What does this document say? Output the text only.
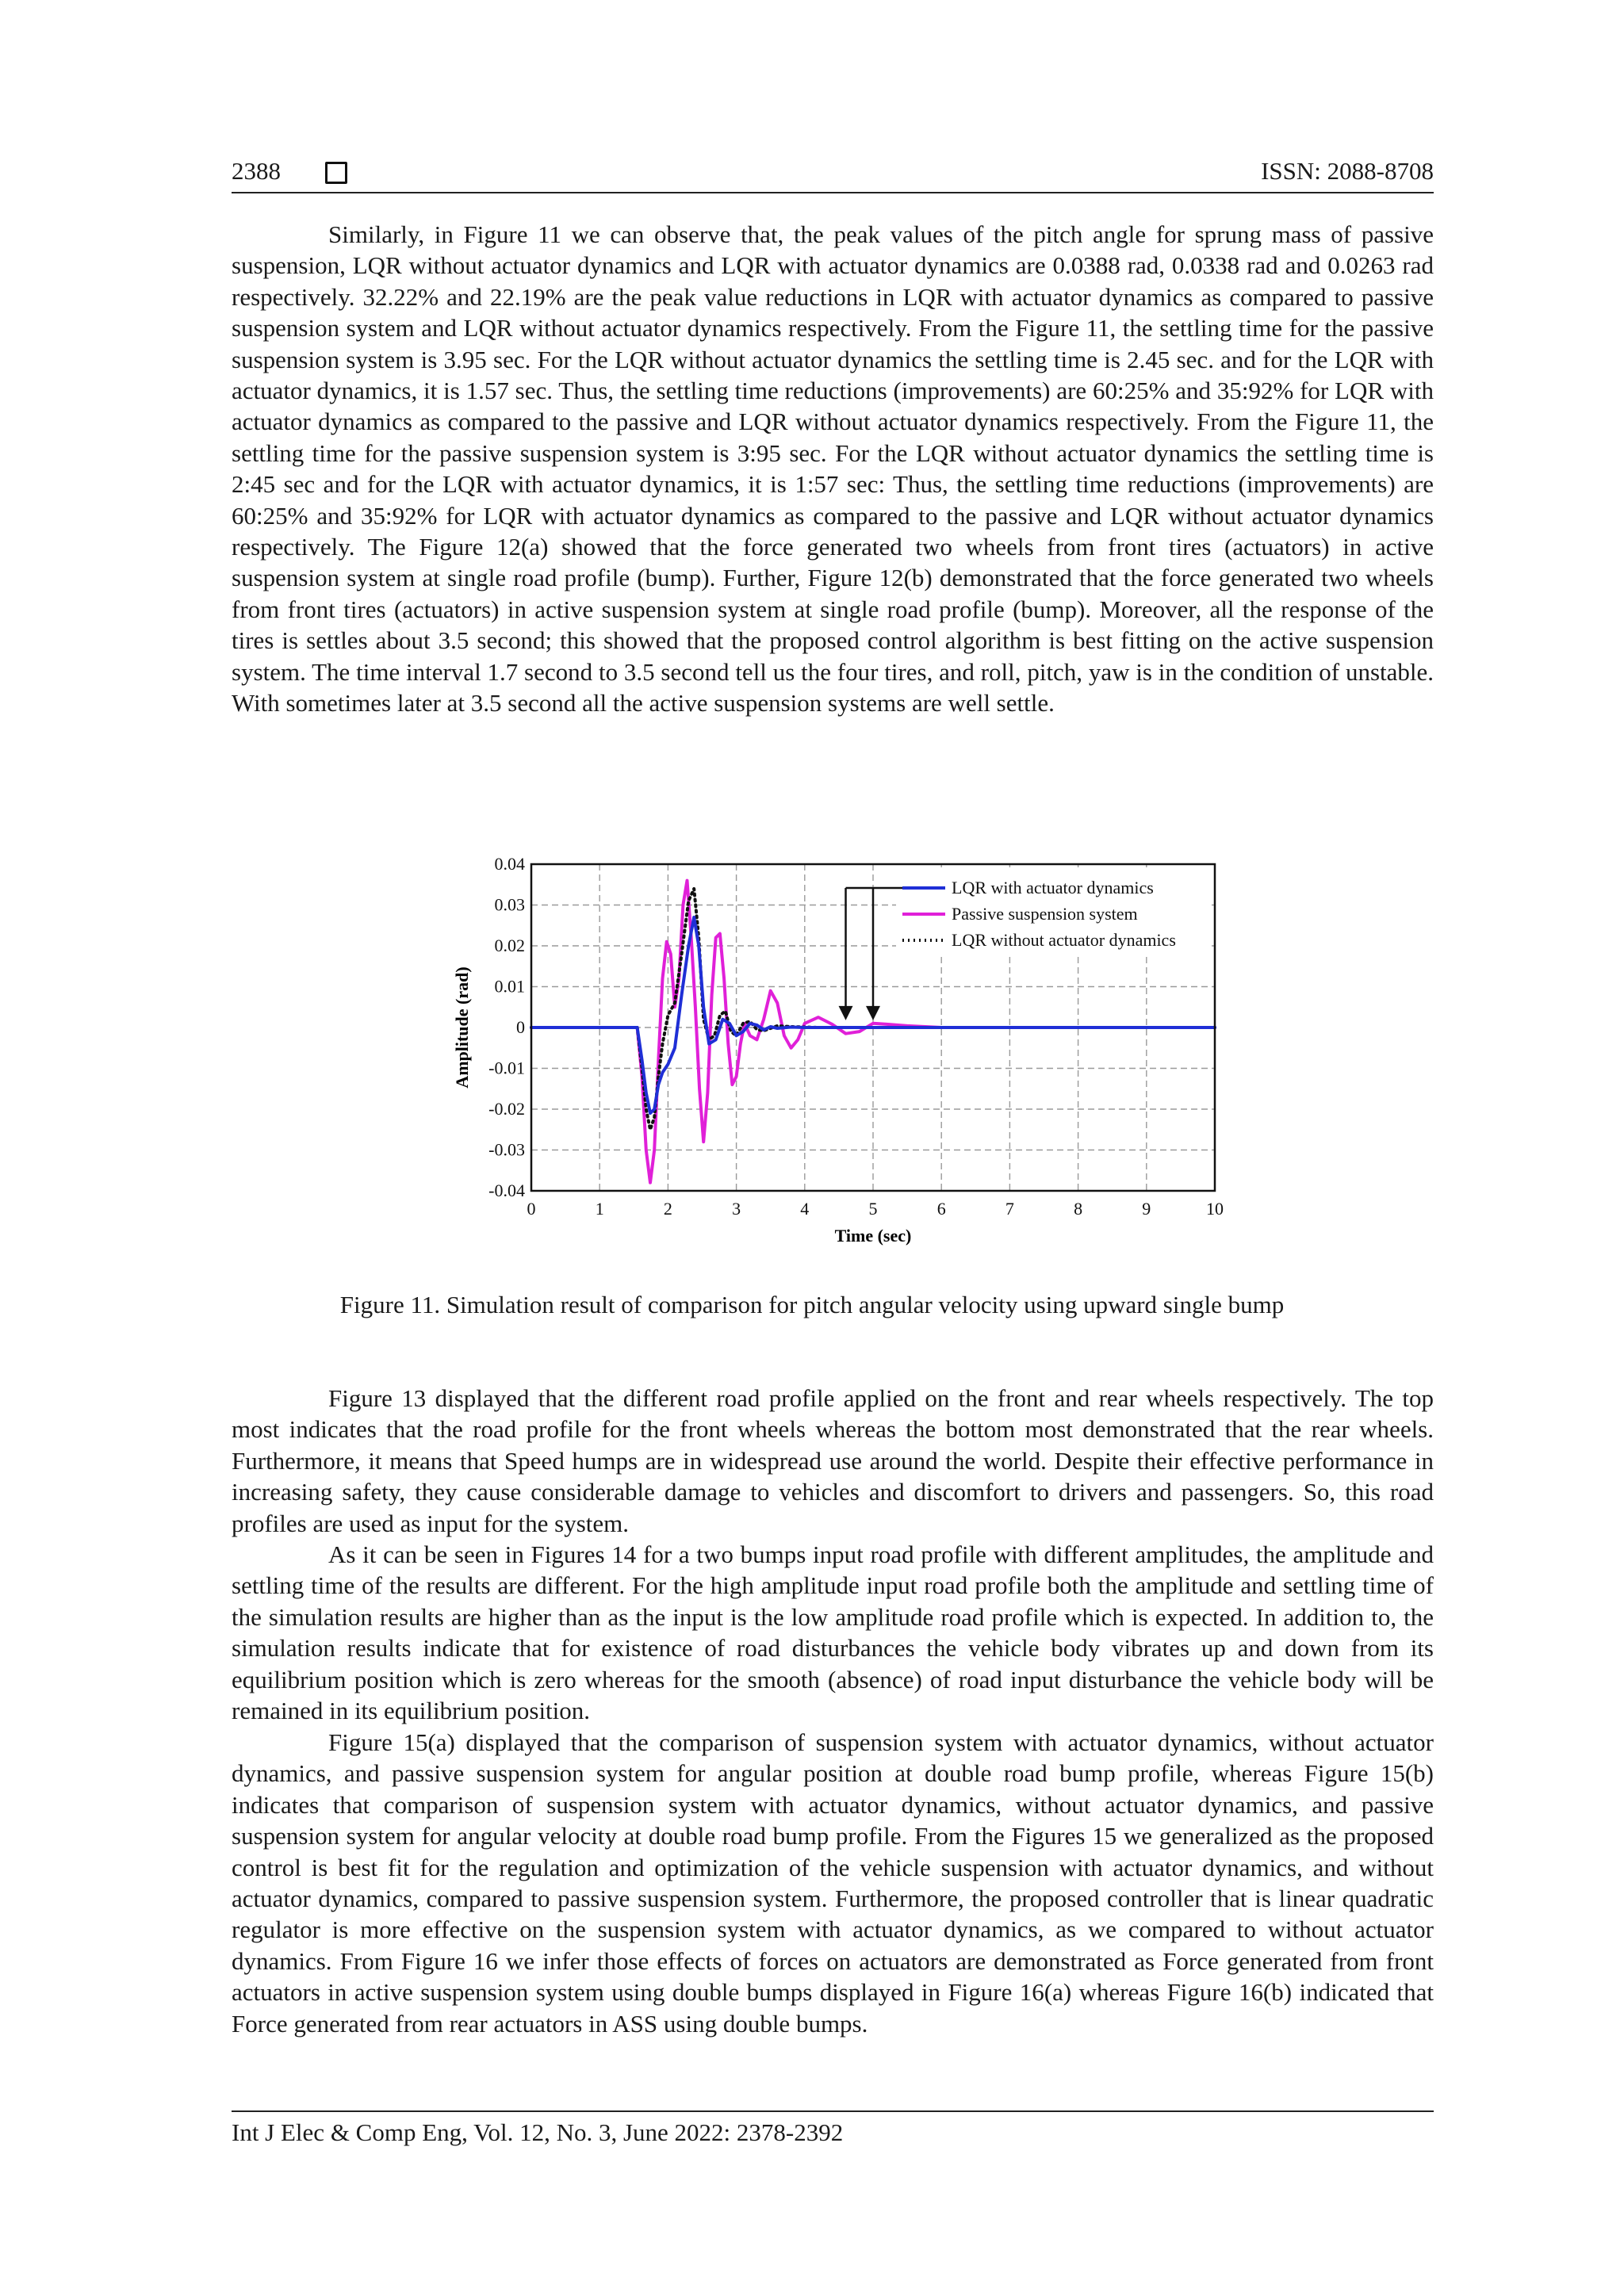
2388	ISSN: 2088-8708

Similarly, in Figure 11 we can observe that, the peak values of the pitch angle for sprung mass of passive suspension, LQR without actuator dynamics and LQR with actuator dynamics are 0.0388 rad, 0.0338 rad and 0.0263 rad respectively. 32.22% and 22.19% are the peak value reductions in LQR with actuator dynamics as compared to passive suspension system and LQR without actuator dynamics respectively. From the Figure 11, the settling time for the passive suspension system is 3.95 sec. For the LQR without actuator dynamics the settling time is 2.45 sec. and for the LQR with actuator dynamics, it is 1.57 sec. Thus, the settling time reductions (improvements) are 60:25% and 35:92% for LQR with actuator dynamics as compared to the passive and LQR without actuator dynamics respectively. From the Figure 11, the settling time for the passive suspension system is 3:95 sec. For the LQR without actuator dynamics the settling time is 2:45 sec and for the LQR with actuator dynamics, it is 1:57 sec: Thus, the settling time reductions (improvements) are 60:25% and 35:92% for LQR with actuator dynamics as compared to the passive and LQR without actuator dynamics respectively. The Figure 12(a) showed that the force generated two wheels from front tires (actuators) in active suspension system at single road profile (bump). Further, Figure 12(b) demonstrated that the force generated two wheels from front tires (actuators) in active suspension system at single road profile (bump). Moreover, all the response of the tires is settles about 3.5 second; this showed that the proposed control algorithm is best fitting on the active suspension system. The time interval 1.7 second to 3.5 second tell us the four tires, and roll, pitch, yaw is in the condition of unstable. With sometimes later at 3.5 second all the active suspension systems are well settle.

0	1	2	3	4	5	6	7	8	9	10
-0.04
-0.03
-0.02
-0.01
0
0.01
0.02
0.03
0.04
LQR with actuator dynamics
Passive suspension system
LQR without actuator dynamics
Time (sec)
Amplitude (rad)
Figure 11. Simulation result of comparison for pitch angular velocity using upward single bump

Figure 13 displayed that the different road profile applied on the front and rear wheels respectively. The top most indicates that the road profile for the front wheels whereas the bottom most demonstrated that the rear wheels. Furthermore, it means that Speed humps are in widespread use around the world. Despite their effective performance in increasing safety, they cause considerable damage to vehicles and discomfort to drivers and passengers. So, this road profiles are used as input for the system.

As it can be seen in Figures 14 for a two bumps input road profile with different amplitudes, the amplitude and settling time of the results are different. For the high amplitude input road profile both the amplitude and settling time of the simulation results are higher than as the input is the low amplitude road profile which is expected. In addition to, the simulation results indicate that for existence of road disturbances the vehicle body vibrates up and down from its equilibrium position which is zero whereas for the smooth (absence) of road input disturbance the vehicle body will be remained in its equilibrium position.

Figure 15(a) displayed that the comparison of suspension system with actuator dynamics, without actuator dynamics, and passive suspension system for angular position at double road bump profile, whereas Figure 15(b) indicates that comparison of suspension system with actuator dynamics, without actuator dynamics, and passive suspension system for angular velocity at double road bump profile. From the Figures 15 we generalized as the proposed control is best fit for the regulation and optimization of the vehicle suspension with actuator dynamics, and without actuator dynamics, compared to passive suspension system. Furthermore, the proposed controller that is linear quadratic regulator is more effective on the suspension system with actuator dynamics, as we compared to without actuator dynamics. From Figure 16 we infer those effects of forces on actuators are demonstrated as Force generated from front actuators in active suspension system using double bumps displayed in Figure 16(a) whereas Figure 16(b) indicated that Force generated from rear actuators in ASS using double bumps.

Int J Elec & Comp Eng, Vol. 12, No. 3, June 2022: 2378-2392
